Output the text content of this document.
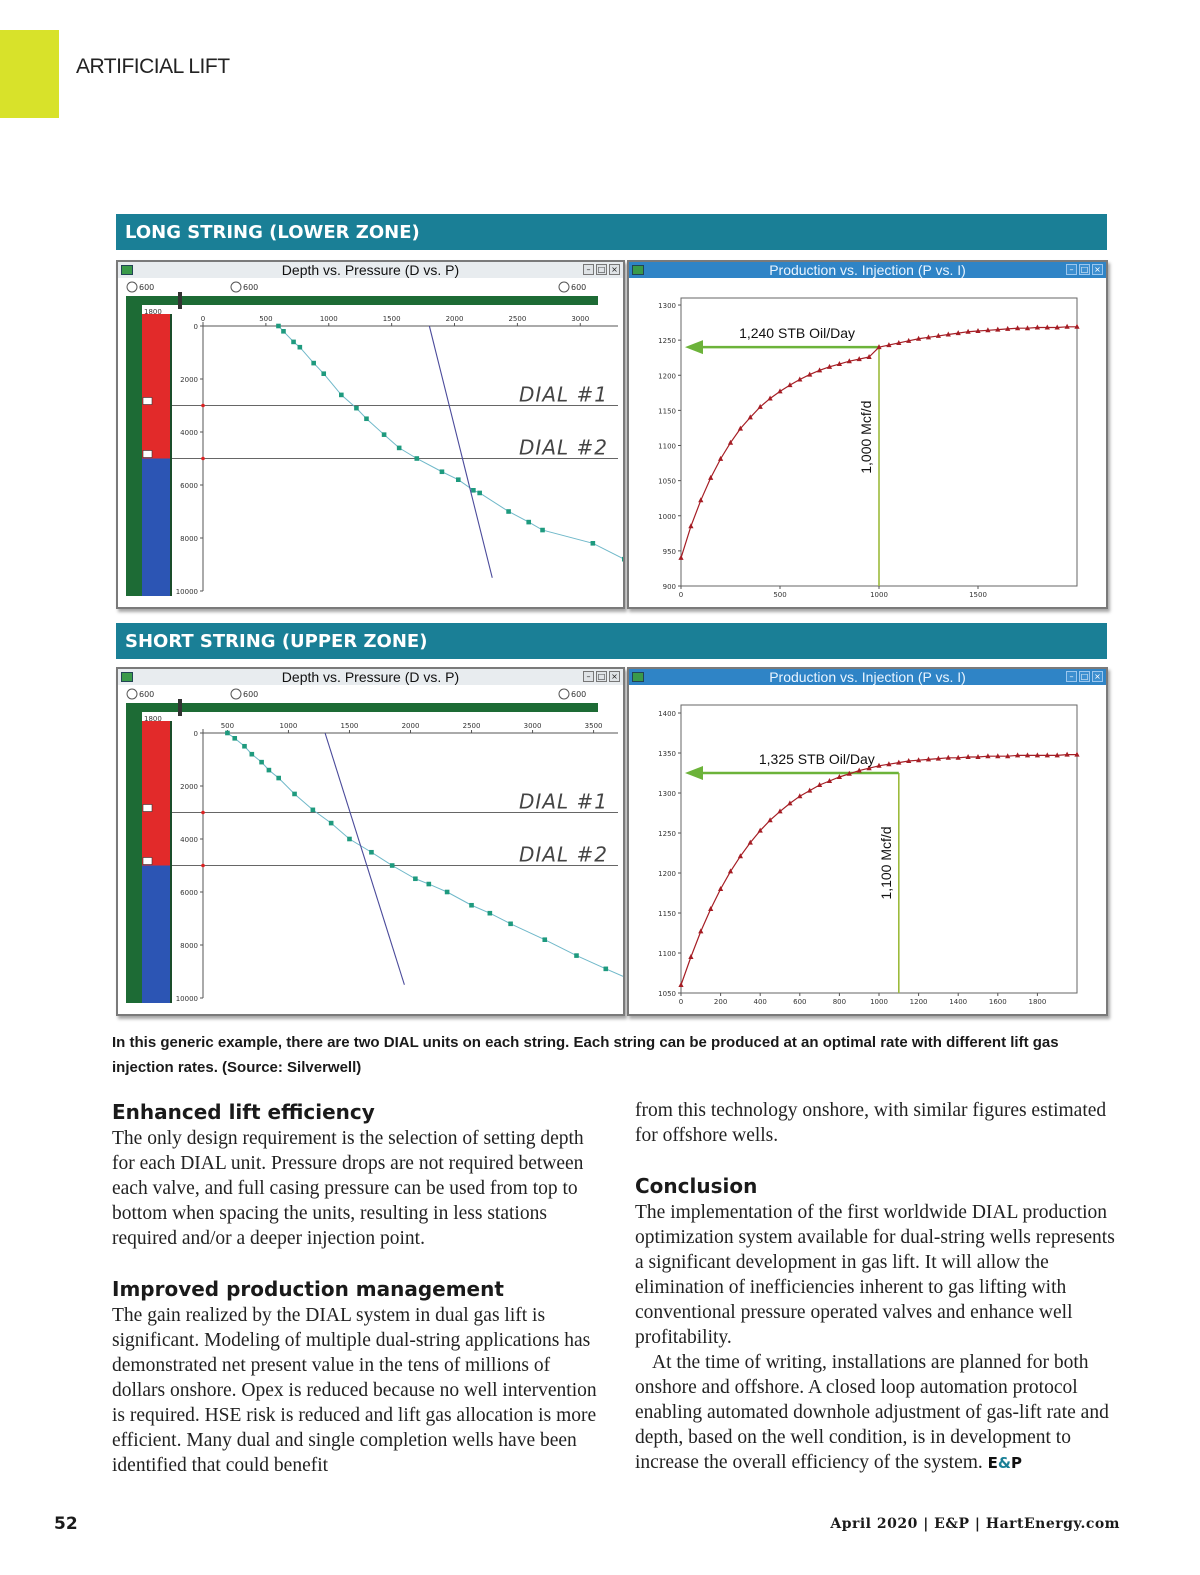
ARTIFICIAL LIFT
LONG STRING (LOWER ZONE)
Depth vs. Pressure (D vs. P)	– □ ×
600	600	600
1800
0	500	1000	1500	2000	2500	3000
0
2000
4000
6000
8000
10000
DIAL #1
DIAL #2
Production vs. Injection (P vs. I)	– □ ×
0	500	1000	1500
900
950
1000
1050
1100
1150
1200
1250
1300
1,240 STB Oil/Day
1,000 Mcf/d
SHORT STRING (UPPER ZONE)
Depth vs. Pressure (D vs. P)	– □ ×
600	600	600
1800
500	1000	1500	2000	2500	3000	3500
0
2000
4000
6000
8000
10000
DIAL #1
DIAL #2
Production vs. Injection (P vs. I)	– □ ×
0	200	400	600	800	1000	1200	1400	1600	1800
1050
1100
1150
1200
1250
1300
1350
1400
1,325 STB Oil/Day
1,100 Mcf/d
In this generic example, there are two DIAL units on each string. Each string can be produced at an optimal rate with different lift gas injection rates. (Source: Silverwell)
Enhanced lift efficiency

The only design requirement is the selection of setting depth for each DIAL unit. Pressure drops are not required between each valve, and full casing pressure can be used from top to bottom when spacing the units, resulting in less stations required and/or a deeper injection point.

Improved production management

The gain realized by the DIAL system in dual gas lift is significant. Modeling of multiple dual-string applications has demonstrated net present value in the tens of millions of dollars onshore. Opex is reduced because no well intervention is required. HSE risk is reduced and lift gas allocation is more efficient. Many dual and single completion wells have been identified that could benefit

from this technology onshore, with similar figures estimated for offshore wells.

Conclusion

The implementation of the first worldwide DIAL production optimization system available for dual-string wells represents a significant development in gas lift. It will allow the elimination of inefficiencies inherent to gas lifting with conventional pressure operated valves and enhance well profitability.

At the time of writing, installations are planned for both onshore and offshore. A closed loop automation protocol enabling automated downhole adjustment of gas-lift rate and depth, based on the well condition, is in development to increase the overall efficiency of the system. E&P

52	April 2020 | E&P | HartEnergy.com
